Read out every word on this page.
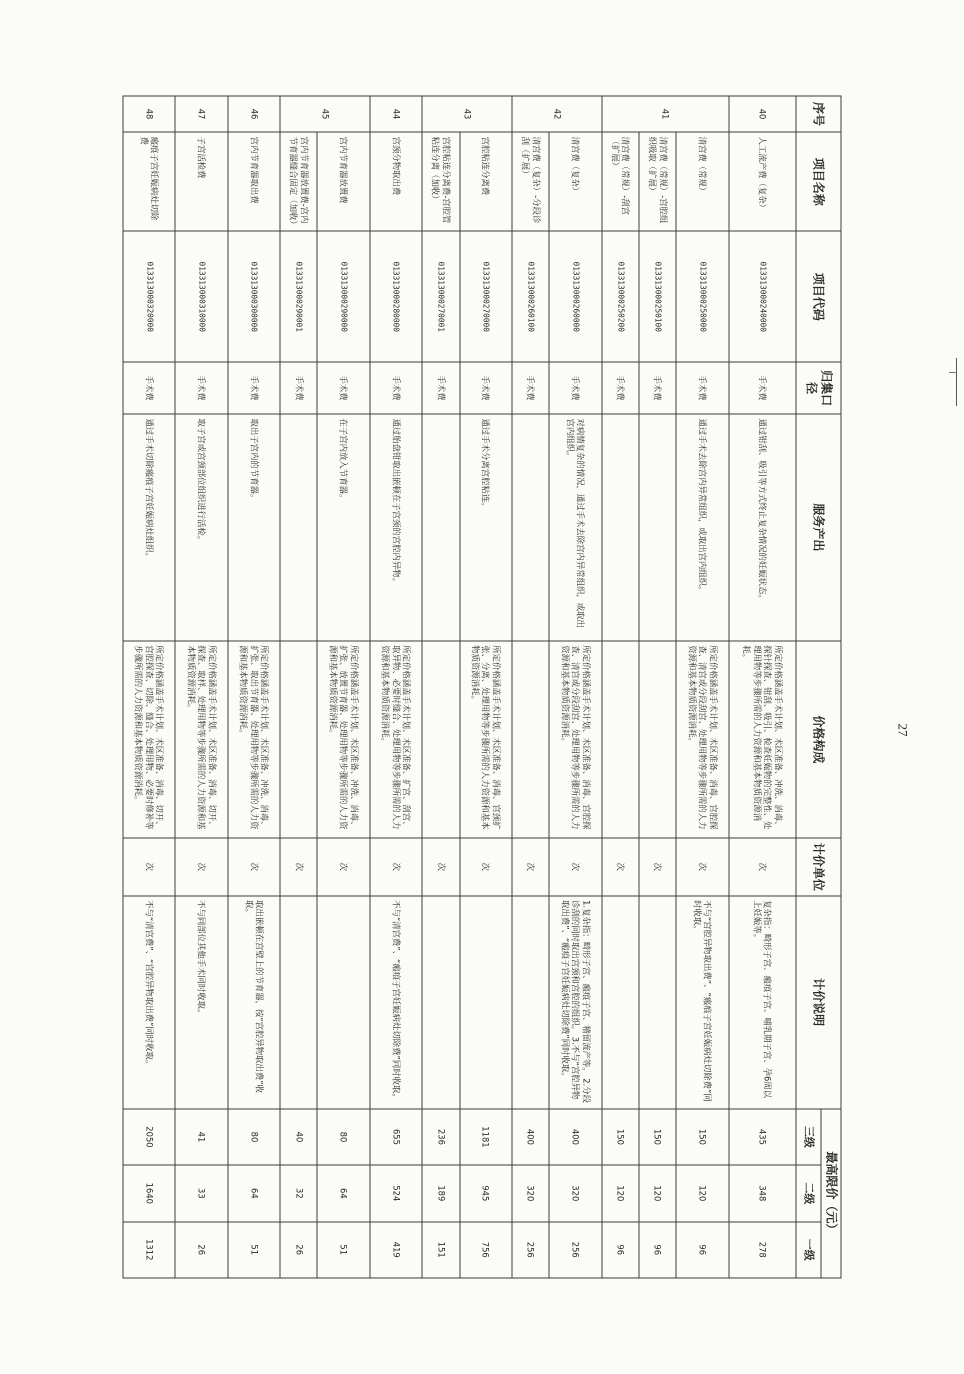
序号	项目名称	项目代码	归集口径	服务产出	价格构成	计价单位	计价说明	最高限价（元）		
								三级	二级	一级
40	人工流产费（复杂）	013313000240000	手术费	通过钳刮、吸引等方式终止复杂情况的妊娠状态。	所定价格涵盖手术计划、术区准备、冲洗、消毒、探针探查、钳刮、吸引、检查妊娠物的完整性、处理用物等步骤所需的人力资源和基本物质资源消耗。	次	复杂指：畸形子宫、瘢痕子宫、哺乳期子宫、孕6周以上妊娠等。	435	348	278
41	清宫费（常规）	013313000250000	手术费	通过手术去除宫内异常组织，或取出宫内组织。	所定价格涵盖手术计划、术区准备、消毒、宫腔探查、清宫或分段刮宫、处理用物等步骤所需的人力资源和基本物质资源消耗。	次	不与“宫腔异物取出费”、“瘢痕子宫妊娠病灶切除费”同时收取。	150	120	96
	清宫费（常规）-宫腔组织吸取（扩展）	013313000250100	手术费			次		150	120	96
	清宫费（常规）-刮宫（扩展）	013313000250200	手术费			次		150	120	96
42	清宫费（复杂）	013313000260000	手术费	对病情复杂的情况，通过手术去除宫内异常组织，或取出宫内组织。	所定价格涵盖手术计划、术区准备、消毒、宫腔探查、清宫或分段刮宫、处理用物等步骤所需的人力资源和基本物质资源消耗。	次	1.复杂指：畸形子宫、瘢痕子宫、稽留流产等。 2.分段诊刮的同时取出宫颈和宫腔的组织。 3.不与“宫腔异物取出费”、“瘢痕子宫妊娠病灶切除费”同时收取。	400	320	256
	清宫费（复杂）-分段诊刮（扩展）	013313000260100	手术费			次		400	320	256
43	宫腔粘连分离费	013313000270000	手术费	通过手术分离宫腔粘连。	所定价格涵盖手术计划、术区准备、消毒、宫颈扩张、分离、处理用物等步骤所需的人力资源和基本物质资源消耗。	次		1181	945	756
	宫腔粘连分离费-宫腔管粘连分离（加收）	013313000270001	手术费			次		236	189	151
44	宫颈分物取出费	013313000280000	手术费	通过胎盘钳取出嵌顿在子宫颈的宫腔内异物。	所定价格涵盖手术计划、术区准备、扩宫、刮宫、取异物、必要时缝合、处理用物等步骤所需的人力资源和基本物质资源消耗。	次	不与“清宫费”、“瘢痕子宫妊娠病灶切除费”同时收取。	655	524	419
45	宫内节育器放置费	013313000290000	手术费	在子宫内放入节育器。	所定价格涵盖手术计划、术区准备、冲洗、消毒、扩张、放置节育器、处理用物等步骤所需的人力资源和基本物质资源消耗。	次		80	64	51
	宫内节育器放置费-宫内节育器缝合固定（加收）	013313000290001	手术费			次		40	32	26
46	宫内节育器取出费	013313000300000	手术费	取出子宫内的节育器。	所定价格涵盖手术计划、术区准备、冲洗、消毒、扩张、取出节育器、处理用物等步骤所需的人力资源和基本物质资源消耗。	次	取出嵌顿在宫壁上的节育器，按“宫腔异物取出费”收取。	80	64	51
47	子宫活检费	013313000310000	手术费	取子宫或宫颈部位组织进行活检。	所定价格涵盖手术计划、术区准备、消毒、切开、探查、取样、处理用物等步骤所需的人力资源和基本物质资源消耗。	次	不与同部位其他手术同时收取。	41	33	26
48	瘢痕子宫妊娠病灶切除费	013313000320000	手术费	通过手术切除瘢痕子宫妊娠病灶组织。	所定价格涵盖手术计划、术区准备、消毒、切开、宫腔探查、切除、缝合、处理用物、必要时修补等步骤所需的人力资源和基本物质资源消耗。	次	不与“清宫费”、“宫腔异物取出费”同时收取。	2050	1640	1312
27
